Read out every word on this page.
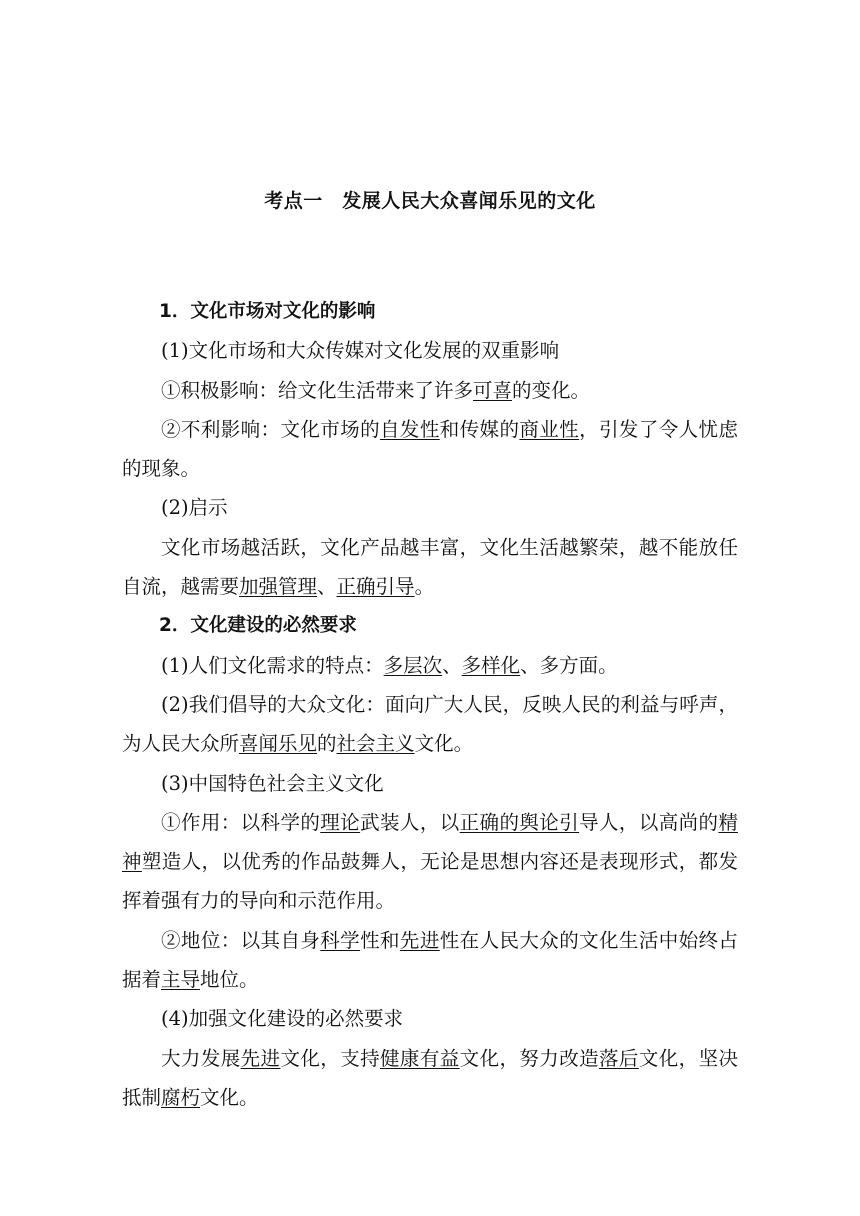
考点一　发展人民大众喜闻乐见的文化

1．文化市场对文化的影响

(1)文化市场和大众传媒对文化发展的双重影响

①积极影响：给文化生活带来了许多可喜的变化。

②不利影响：文化市场的自发性和传媒的商业性，引发了令人忧虑的现象。

(2)启示

文化市场越活跃，文化产品越丰富，文化生活越繁荣，越不能放任自流，越需要加强管理、正确引导。

2．文化建设的必然要求

(1)人们文化需求的特点：多层次、多样化、多方面。

(2)我们倡导的大众文化：面向广大人民，反映人民的利益与呼声，为人民大众所喜闻乐见的社会主义文化。

(3)中国特色社会主义文化

①作用：以科学的理论武装人，以正确的舆论引导人，以高尚的精神塑造人，以优秀的作品鼓舞人，无论是思想内容还是表现形式，都发挥着强有力的导向和示范作用。

②地位：以其自身科学性和先进性在人民大众的文化生活中始终占据着主导地位。

(4)加强文化建设的必然要求

大力发展先进文化，支持健康有益文化，努力改造落后文化，坚决抵制腐朽文化。
